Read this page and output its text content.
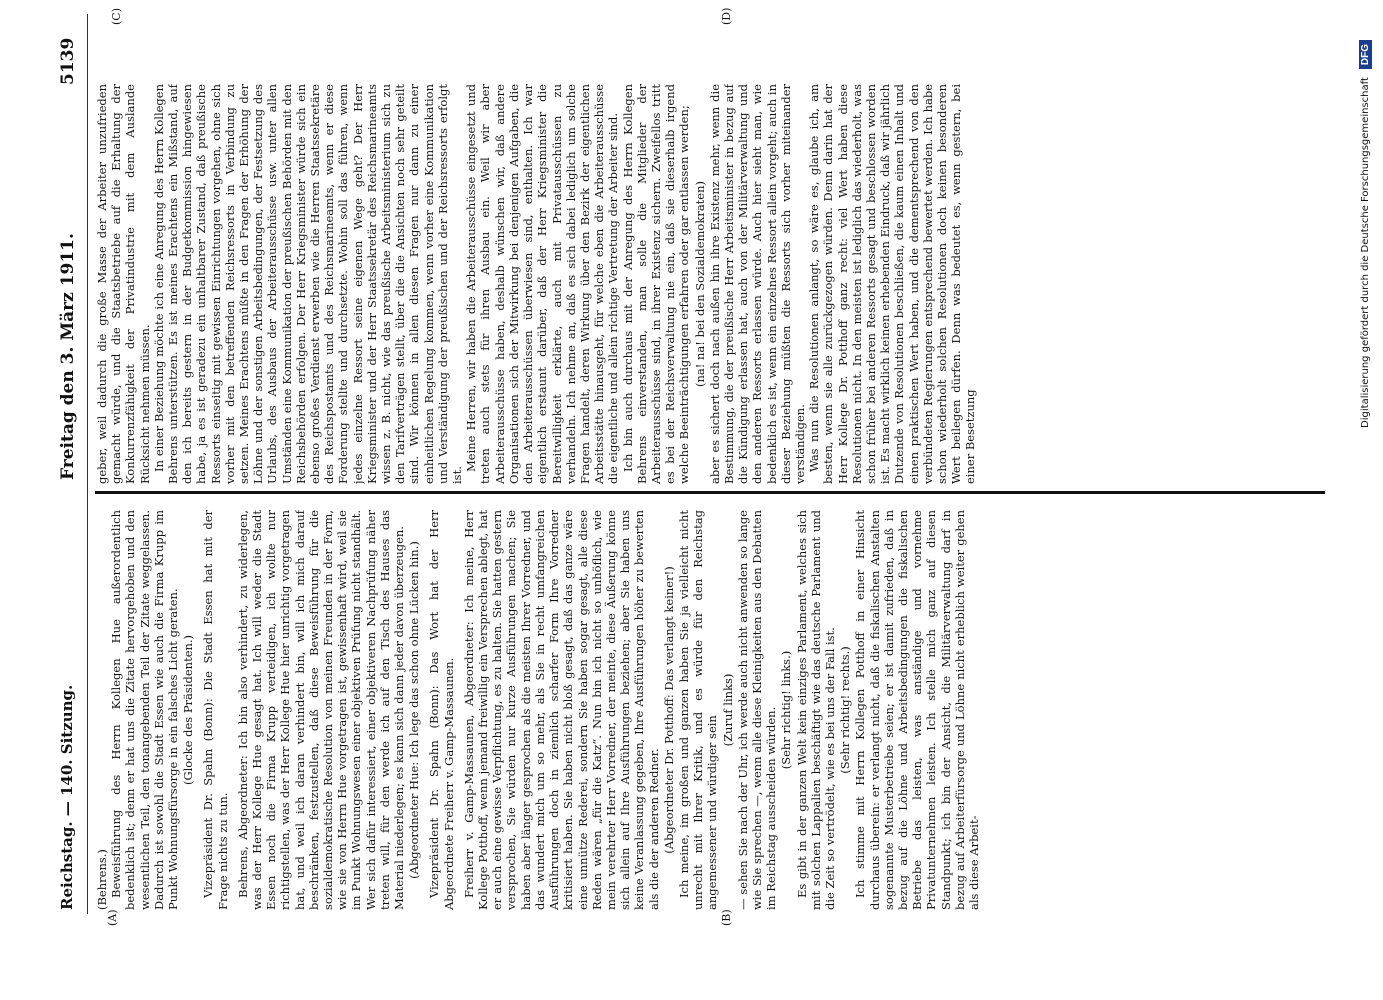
Reichstag. — 140. Sitzung.
Freitag den 3. März 1911.
5139
(A)	(B)
(C)	(D)

(Behrens.) Beweisführung des Herrn Kollegen Hue außerordentlich bedenklich ist; denn er hat uns die Zitate hervorgehoben und den wesentlichen Teil, den tonangebenden Teil der Zitate weggelassen. Dadurch ist sowohl die Stadt Essen wie auch die Firma Krupp im Punkt Wohnungsfürsorge in ein falsches Licht geraten. (Glocke des Präsidenten.) Vizepräsident Dr. Spahn (Bonn): Die Stadt Essen hat mit der Frage nichts zu tun. Behrens, Abgeordneter: Ich bin also verhindert, zu widerlegen, was der Herr Kollege Hue gesagt hat. Ich will weder die Stadt Essen noch die Firma Krupp verteidigen, ich wollte nur richtigstellen, was der Herr Kollege Hue hier unrichtig vorgetragen hat, und weil ich daran verhindert bin, will ich mich darauf beschränken, festzustellen, daß diese Beweisführung für die sozialdemokratische Resolution von meinen Freunden in der Form, wie sie von Herrn Hue vorgetragen ist, gewissenhaft wird, weil sie im Punkt Wohnungswesen einer objektiven Prüfung nicht standhält. Wer sich dafür interessiert, einer objektiveren Nachprüfung näher treten will, für den werde ich auf den Tisch des Hauses das Material niederlegen; es kann sich dann jeder davon überzeugen. (Abgeordneter Hue: Ich lege das schon ohne Lücken hin.) Vizepräsident Dr. Spahn (Bonn): Das Wort hat der Herr Abgeordnete Freiherr v. Gamp-Massaunen. Freiherr v. Gamp-Massaunen, Abgeordneter: Ich meine, Herr Kollege Potthoff, wenn jemand freiwillig ein Versprechen ablegt, hat er auch eine gewisse Verpflichtung, es zu halten. Sie hatten gestern versprochen, Sie würden nur kurze Ausführungen machen; Sie haben aber länger gesprochen als die meisten Ihrer Vorredner, und das wundert mich um so mehr, als Sie in recht umfangreichen Ausführungen doch in ziemlich scharfer Form Ihre Vorredner kritisiert haben. Sie haben nicht bloß gesagt, daß das ganze wäre eine unnütze Rederei, sondern Sie haben sogar gesagt, alle diese Reden wären „für die Katz“. Nun bin ich nicht so unhöflich, wie mein verehrter Herr Vorredner, der meinte, diese Äußerung könne sich allein auf Ihre Ausführungen beziehen; aber Sie haben uns keine Veranlassung gegeben, Ihre Ausführungen höher zu bewerten als die der anderen Redner. (Abgeordneter Dr. Potthoff: Das verlangt keiner!) Ich meine, im großen und ganzen haben Sie ja vielleicht nicht unrecht mit Ihrer Kritik, und es würde für den Reichstag angemessener und würdiger sein

(Zuruf links) — sehen Sie nach der Uhr, ich werde auch nicht anwenden so lange wie Sie sprechen —, wenn alle diese Kleinigkeiten aus den Debatten im Reichstag ausscheiden würden. (Sehr richtig! links.) Es gibt in der ganzen Welt kein einziges Parlament, welches sich mit solchen Lappalien beschäftigt wie das deutsche Parlament und die Zeit so vertrödelt, wie es bei uns der Fall ist. (Sehr richtig! rechts.) Ich stimme mit Herrn Kollegen Potthoff in einer Hinsicht durchaus überein: er verlangt nicht, daß die fiskalischen Anstalten sogenannte Musterbetriebe seien; er ist damit zufrieden, daß in bezug auf die Löhne und Arbeitsbedingungen die fiskalischen Betriebe das leisten, was anständige und vornehme Privatunternehmen leisten. Ich stelle mich ganz auf diesen Standpunkt; ich bin der Ansicht, die Militärverwaltung darf in bezug auf Arbeiterfürsorge und Löhne nicht erheblich weiter gehen als diese Arbeit-

geber, weil dadurch die große Masse der Arbeiter unzufrieden gemacht würde, und die Staatsbetriebe auf die Erhaltung der Konkurrenzfähigkeit der Privatindustrie mit dem Auslande Rücksicht nehmen müssen. In einer Beziehung möchte ich eine Anregung des Herrn Kollegen Behrens unterstützen. Es ist meines Erachtens ein Mißstand, auf den ich bereits gestern in der Budgetkommission hingewiesen habe, ja es ist geradezu ein unhaltbarer Zustand, daß preußische Ressorts einseitig mit gewissen Einrichtungen vorgehen, ohne sich vorher mit den betreffenden Reichsressorts in Verbindung zu setzen. Meines Erachtens müßte in den Fragen der Erhöhung der Löhne und der sonstigen Arbeitsbedingungen, der Festsetzung des Urlaubs, des Ausbaus der Arbeiterausschüsse usw. unter allen Umständen eine Kommunikation der preußischen Behörden mit den Reichsbehörden erfolgen. Der Herr Kriegsminister würde sich ein ebenso großes Verdienst erwerben wie die Herren Staatssekretäre des Reichspostamts und des Reichsmarineamts, wenn er diese Forderung stellte und durchsetzte. Wohin soll das führen, wenn jedes einzelne Ressort seine eigenen Wege geht? Der Herr Kriegsminister und der Herr Staatssekretär des Reichsmarineamts wissen z. B. nicht, wie das preußische Arbeitsministerium sich zu den Tarifverträgen stellt, über die die Ansichten noch sehr geteilt sind. Wir können in allen diesen Fragen nur dann zu einer einheitlichen Regelung kommen, wenn vorher eine Kommunikation und Verständigung der preußischen und der Reichsressorts erfolgt ist.

Meine Herren, wir haben die Arbeiterausschüsse eingesetzt und treten auch stets für ihren Ausbau ein. Weil wir aber Arbeiterausschüsse haben, deshalb wünschen wir, daß andere Organisationen sich der Mitwirkung bei denjenigen Aufgaben, die den Arbeiterausschüssen überwiesen sind, enthalten. Ich war eigentlich erstaunt darüber, daß der Herr Kriegsminister die Bereitwilligkeit erklärte, auch mit Privatausschüssen zu verhandeln. Ich nehme an, daß es sich dabei lediglich um solche Fragen handelt, deren Wirkung über den Bezirk der eigentlichen Arbeitsstätte hinausgeht, für welche eben die Arbeiterausschüsse die eigentliche und allein richtige Vertretung der Arbeiter sind. Ich bin auch durchaus mit der Anregung des Herrn Kollegen Behrens einverstanden, man solle die Mitglieder der Arbeiterausschüsse sind, in ihrer Existenz sichern. Zweifellos tritt es bei der Reichsverwaltung nie ein, daß sie dieserhalb irgend welche Beeinträchtigungen erfahren oder gar entlassen werden; (na! na! bei den Sozialdemokraten) aber es sichert doch nach außen hin ihre Existenz mehr, wenn die Bestimmung, die der preußische Herr Arbeitsminister in bezug auf die Kündigung erlassen hat, auch von der Militärverwaltung und den anderen Ressorts erlassen würde. Auch hier sieht man, wie bedenklich es ist, wenn ein einzelnes Ressort allein vorgeht; auch in dieser Beziehung müßten die Ressorts sich vorher miteinander verständigen. Was nun die Resolutionen anlangt, so wäre es, glaube ich, am besten, wenn sie alle zurückgezogen würden. Denn darin hat der Herr Kollege Dr. Potthoff ganz recht: viel Wert haben diese Resolutionen nicht. In den meisten ist lediglich das wiederholt, was schon früher bei anderen Ressorts gesagt und beschlossen worden ist. Es macht wirklich keinen erhebenden Eindruck, daß wir jährlich Dutzende von Resolutionen beschließen, die kaum einen Inhalt und einen praktischen Wert haben, und die dementsprechend von den verbündeten Regierungen entsprechend bewertet werden. Ich habe schon wiederholt solchen Resolutionen doch keinen besonderen Wert beilegen dürfen. Denn was bedeutet es, wenn gestern, bei einer Besetzung

Digitalisierung gefördert durch die Deutsche Forschungsgemeinschaft
DFG
